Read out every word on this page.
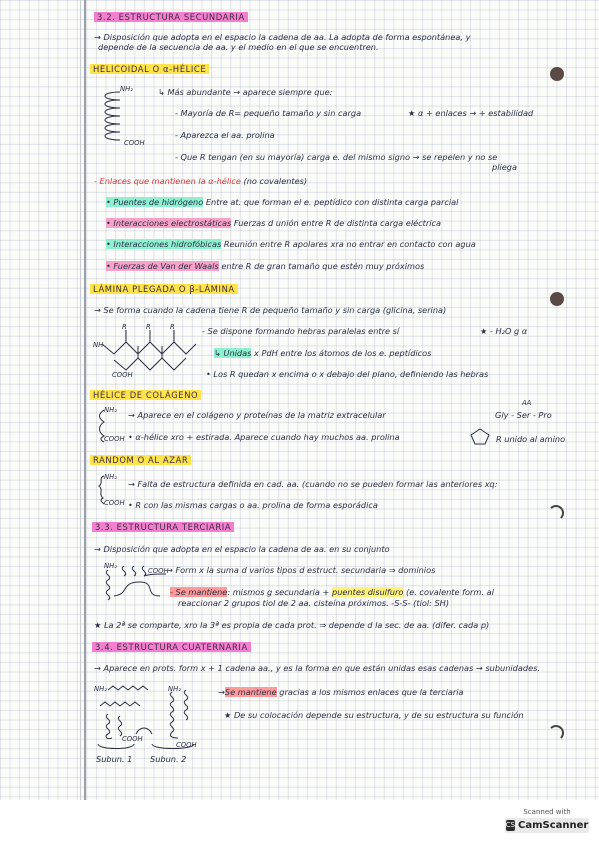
3.2. ESTRUCTURA SECUNDARIA
→ Disposición que adopta en el espacio la cadena de aa. La adopta de forma espontánea, y
depende de la secuencia de aa. y el medio en el que se encuentren.
HELICOIDAL O α-HÉLICE
NH₂
COOH
↳ Más abundante → aparece siempre que:
- Mayoría de R= pequeño tamaño y sin carga	★ α + enlaces → + estabilidad
- Aparezca el aa. prolina
- Que R tengan (en su mayoría) carga e. del mismo signo → se repelen y no se
pliega
- Enlaces que mantienen la α-hélice (no covalentes)
• Puentes de hidrógeno Entre at. que forman el e. peptídico con distinta carga parcial
• Interacciones electrostáticas Fuerzas d unión entre R de distinta carga eléctrica
• Interacciones hidrofóbicas Reunión entre R apolares xra no entrar en contacto con agua
• Fuerzas de Van der Waals entre R de gran tamaño que estén muy próximos
LÁMINA PLEGADA O β-LÁMINA
→ Se forma cuando la cadena tiene R de pequeño tamaño y sin carga (glicina, serina)
R	R	R
NH
COOH
- Se dispone formando hebras paralelas entre sí	★ - H₂O g α
↳ Unidas x PdH entre los átomos de los e. peptídicos
• Los R quedan x encima o x debajo del plano, definiendo las hebras
HÉLICE DE COLÁGENO
NH₂
COOH
→ Aparece en el colágeno y proteínas de la matriz extracelular
AA
Gly - Ser - Pro
• α-hélice xro + estirada. Aparece cuando hay muchos aa. prolina	R unido al amino
RANDOM O AL AZAR
NH₂
COOH
→ Falta de estructura definida en cad. aa. (cuando no se pueden formar las anteriores xq:
• R con las mismas cargas o aa. prolina de forma esporádica
3.3. ESTRUCTURA TERCIARIA
→ Disposición que adopta en el espacio la cadena de aa. en su conjunto
NH₂
COOH
→ Form x la suma d varios tipos d estruct. secundaria ⇒ dominios
- Se mantiene: mismos g secundaria + puentes disulfuro (e. covalente form. al
reaccionar 2 grupos tiol de 2 aa. cisteína próximos. -S-S- (tiol: SH)
★ La 2ª se comparte, xro la 3ª es propia de cada prot. ⇒ depende d la sec. de aa. (difer. cada p)
3.4. ESTRUCTURA CUATERNARIA
→ Aparece en prots. form x + 1 cadena aa., y es la forma en que están unidas esas cadenas → subunidades.
NH₂	NH₂
COOH
COOH
Subun. 1 Subun. 2
→Se mantiene gracias a los mismos enlaces que la terciaria
★ De su colocación depende su estructura, y de su estructura su función
Scanned with
CS CamScanner
